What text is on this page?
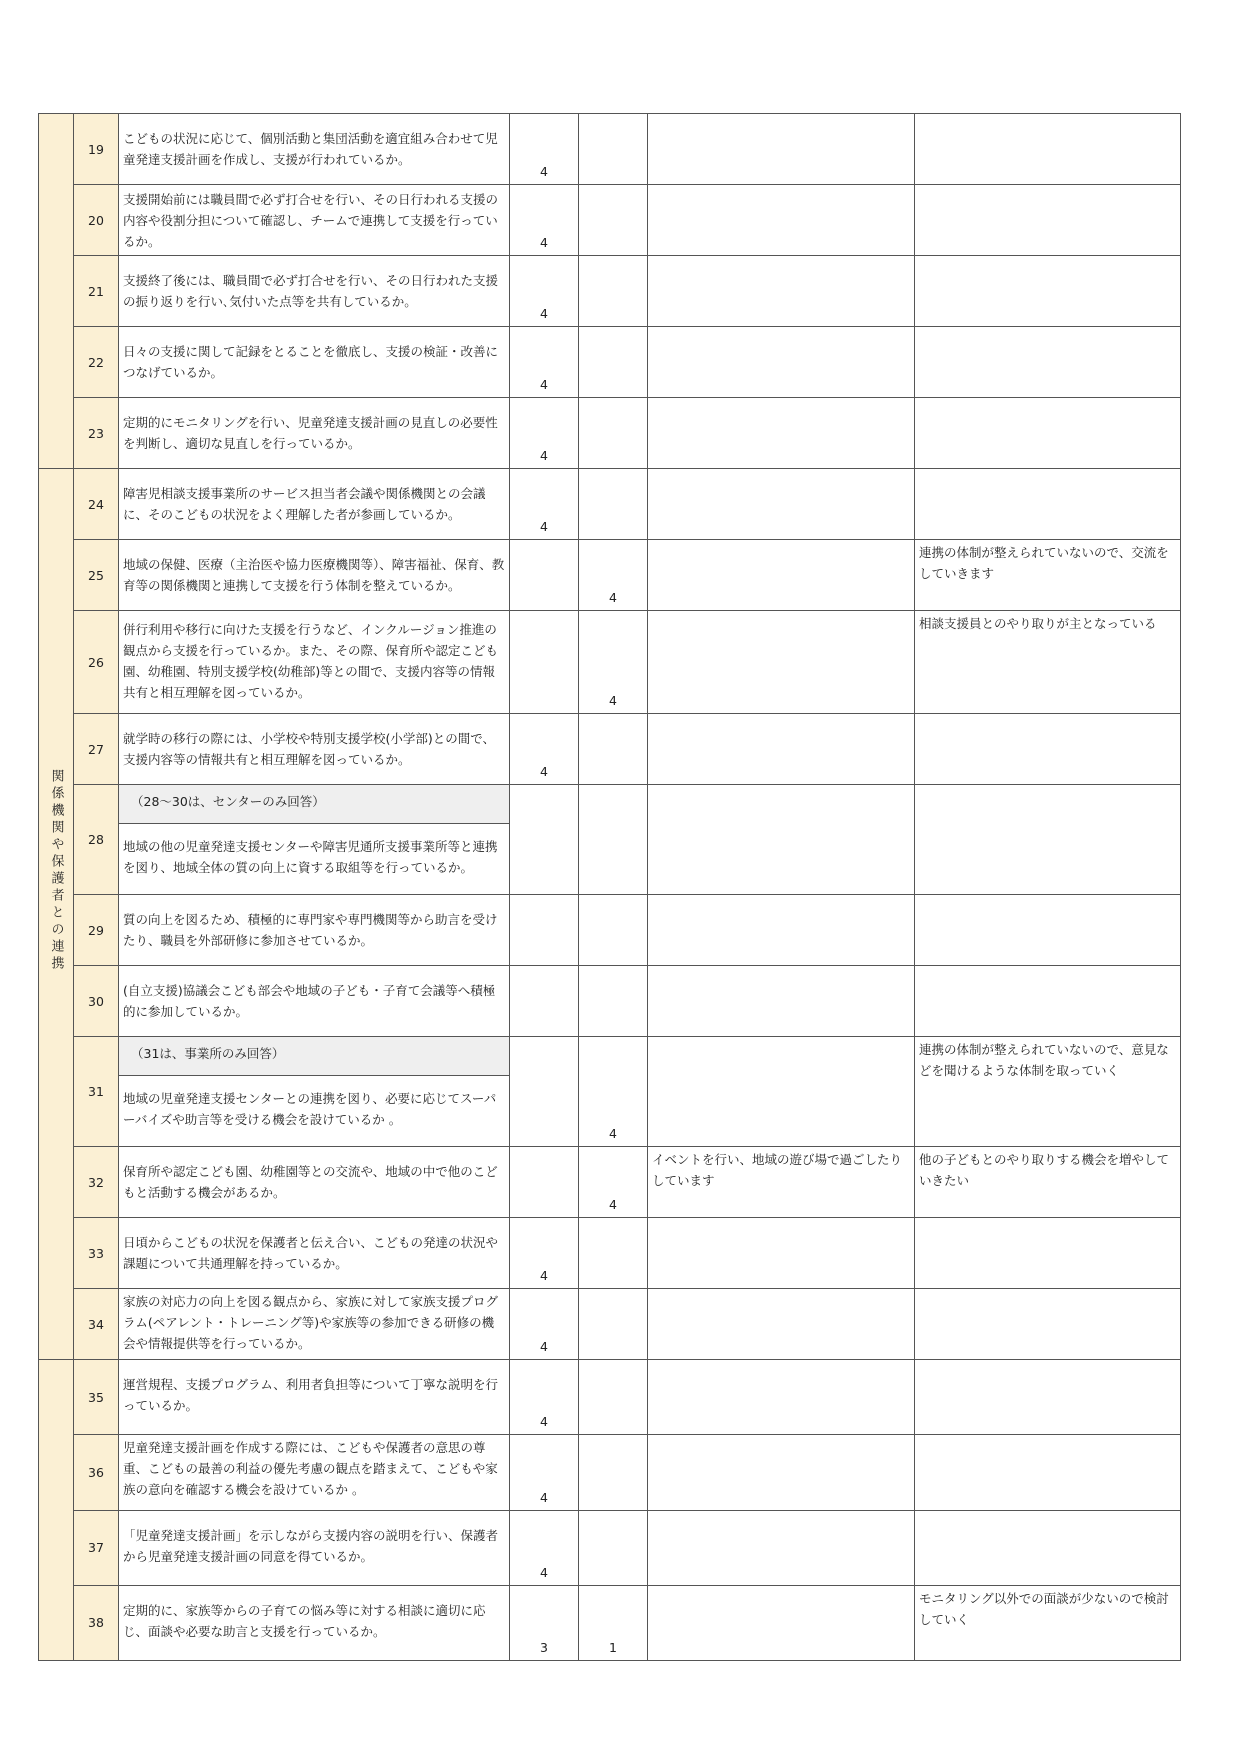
	19	こどもの状況に応じて、個別活動と集団活動を適宜組み合わせて児童発達支援計画を作成し、支援が行われているか。	4			

	20	支援開始前には職員間で必ず打合せを行い、その日行われる支援の内容や役割分担について確認し、チームで連携して支援を行っているか。	4			

	21	支援終了後には、職員間で必ず打合せを行い、その日行われた支援の振り返りを行い､気付いた点等を共有しているか。	4			

	22	日々の支援に関して記録をとることを徹底し、支援の検証・改善につなげているか。	4			

	23	定期的にモニタリングを行い、児童発達支援計画の見直しの必要性を判断し、適切な見直しを行っているか。	4			

関係機関や保護者との連携	24	障害児相談支援事業所のサービス担当者会議や関係機関との会議に、そのこどもの状況をよく理解した者が参画しているか。	4			

	25	地域の保健、医療（主治医や協力医療機関等）、障害福祉、保育、教育等の関係機関と連携して支援を行う体制を整えているか。		4		連携の体制が整えられていないので、交流をしていきます

	26	併行利用や移行に向けた支援を行うなど、インクルージョン推進の観点から支援を行っているか。また、その際、保育所や認定こども園、幼稚園、特別支援学校(幼稚部)等との間で、支援内容等の情報共有と相互理解を図っているか。		4		相談支援員とのやり取りが主となっている

	27	就学時の移行の際には、小学校や特別支援学校(小学部)との間で、支援内容等の情報共有と相互理解を図っているか。	4			

	28	（28～30は、センターのみ回答）
地域の他の児童発達支援センターや障害児通所支援事業所等と連携を図り、地域全体の質の向上に資する取組等を行っているか。				

	29	質の向上を図るため、積極的に専門家や専門機関等から助言を受けたり、職員を外部研修に参加させているか。				

	30	(自立支援)協議会こども部会や地域の子ども・子育て会議等へ積極的に参加しているか。				

	31	（31は、事業所のみ回答）
地域の児童発達支援センターとの連携を図り、必要に応じてスーパーバイズや助言等を受ける機会を設けているか 。		4		連携の体制が整えられていないので、意見などを聞けるような体制を取っていく

	32	保育所や認定こども園、幼稚園等との交流や、地域の中で他のこどもと活動する機会があるか。		4	イベントを行い、地域の遊び場で過ごしたりしています	他の子どもとのやり取りする機会を増やしていきたい

	33	日頃からこどもの状況を保護者と伝え合い、こどもの発達の状況や課題について共通理解を持っているか。	4			

	34	家族の対応力の向上を図る観点から、家族に対して家族支援プログラム(ペアレント・トレーニング等)や家族等の参加できる研修の機会や情報提供等を行っているか。	4			

	35	運営規程、支援プログラム、利用者負担等について丁寧な説明を行っているか。	4			

	36	児童発達支援計画を作成する際には、こどもや保護者の意思の尊重、こどもの最善の利益の優先考慮の観点を踏まえて、こどもや家族の意向を確認する機会を設けているか 。	4			

	37	「児童発達支援計画」を示しながら支援内容の説明を行い、保護者から児童発達支援計画の同意を得ているか。	4			

	38	定期的に、家族等からの子育ての悩み等に対する相談に適切に応じ、面談や必要な助言と支援を行っているか。	3	1		モニタリング以外での面談が少ないので検討していく
